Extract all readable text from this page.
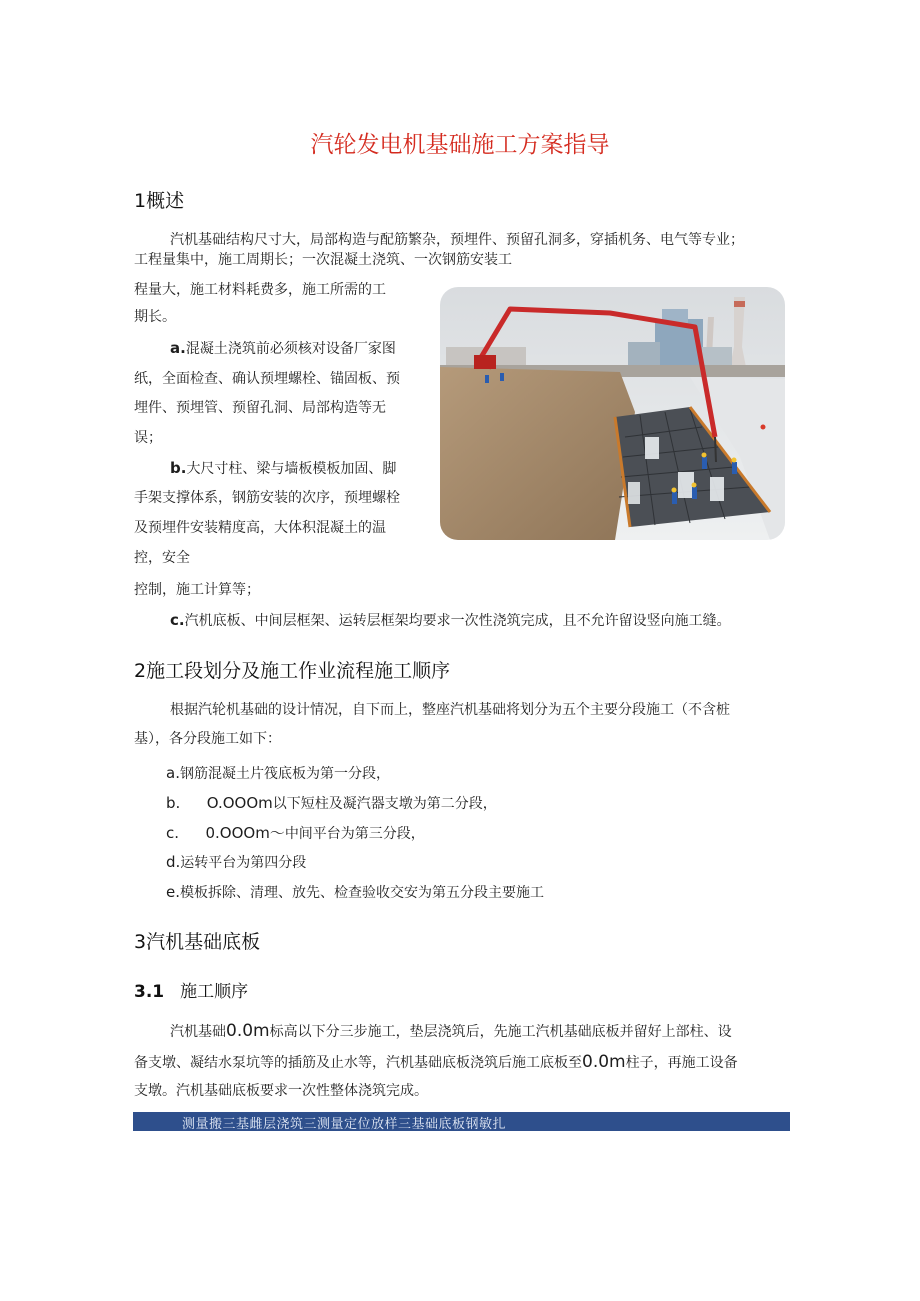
汽轮发电机基础施工方案指导
1概述
汽机基础结构尺寸大，局部构造与配筋繁杂，预埋件、预留孔洞多，穿插机务、电气等专业；
工程量集中，施工周期长；一次混凝土浇筑、一次钢筋安装工
程量大，施工材料耗费多，施工所需的工
期长。
a.混凝土浇筑前必须核对设备厂家图
纸，全面检查、确认预埋螺栓、锚固板、预
埋件、预埋管、预留孔洞、局部构造等无
误；
b.大尺寸柱、梁与墙板模板加固、脚
手架支撑体系，钢筋安装的次序，预埋螺栓
及预埋件安装精度高，大体积混凝土的温
控，安全
控制，施工计算等；
c.汽机底板、中间层框架、运转层框架均要求一次性浇筑完成，且不允许留设竖向施工缝。
2施工段划分及施工作业流程施工顺序
根据汽轮机基础的设计情况，自下而上，整座汽机基础将划分为五个主要分段施工（不含桩
基），各分段施工如下：
a.钢筋混凝土片筏底板为第一分段，
b. O.OOOm以下短柱及凝汽器支墩为第二分段，
c. 0.OOOm～中间平台为第三分段，
d.运转平台为第四分段
e.模板拆除、清理、放先、检查验收交安为第五分段主要施工
3汽机基础底板
3.1 施工顺序
汽机基础0.0m标高以下分三步施工，垫层浇筑后，先施工汽机基础底板并留好上部柱、设
备支墩、凝结水泵坑等的插筋及止水等，汽机基础底板浇筑后施工底板至0.0m柱子，再施工设备
支墩。汽机基础底板要求一次性整体浇筑完成。
测量搬三基雌层浇筑三测量定位放样三基础底板钢敏扎
